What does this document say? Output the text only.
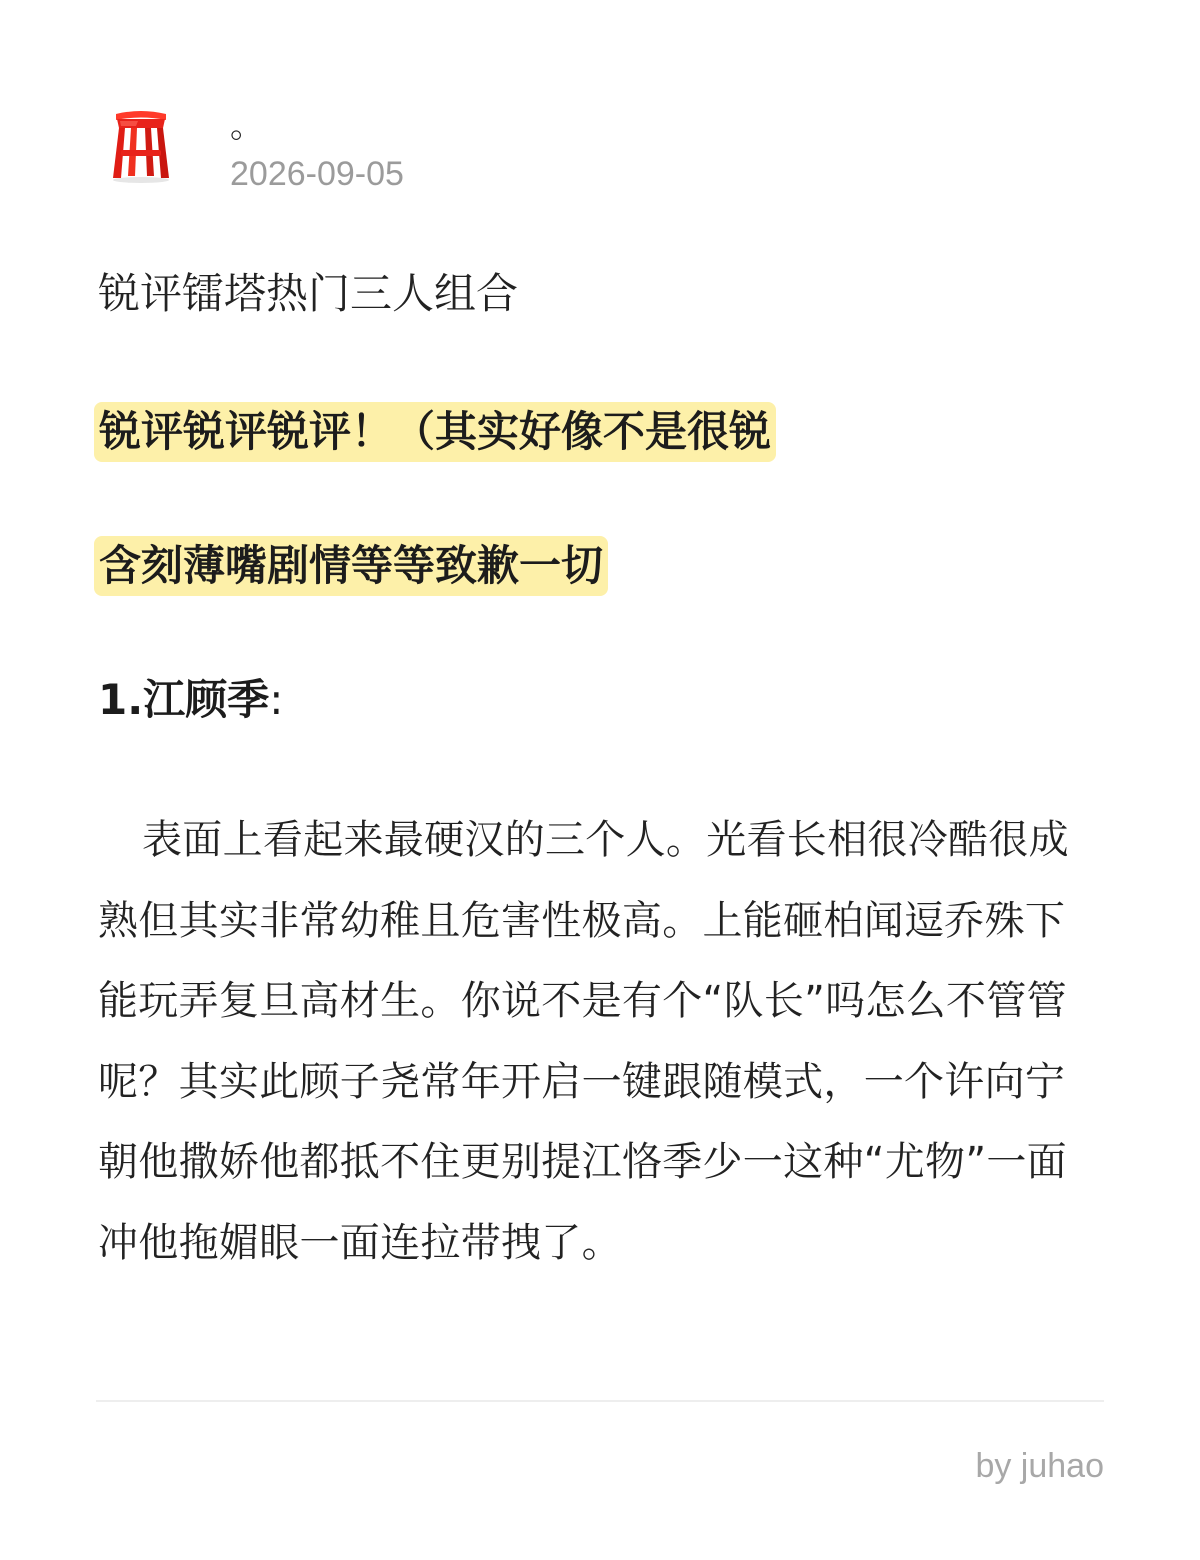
。
2026-09-05
锐评镭塔热门三人组合
锐评锐评锐评！（其实好像不是很锐
含刻薄嘴剧情等等致歉一切
1.江顾季:
表面上看起来最硬汉的三个人。光看长相很冷酷很成熟但其实非常幼稚且危害性极高。上能砸柏闻逗乔殊下能玩弄复旦高材生。你说不是有个“队长”吗怎么不管管呢？其实此顾子尧常年开启一键跟随模式，一个许向宁朝他撒娇他都抵不住更别提江恪季少一这种“尤物”一面冲他拖媚眼一面连拉带拽了。
by juhao
